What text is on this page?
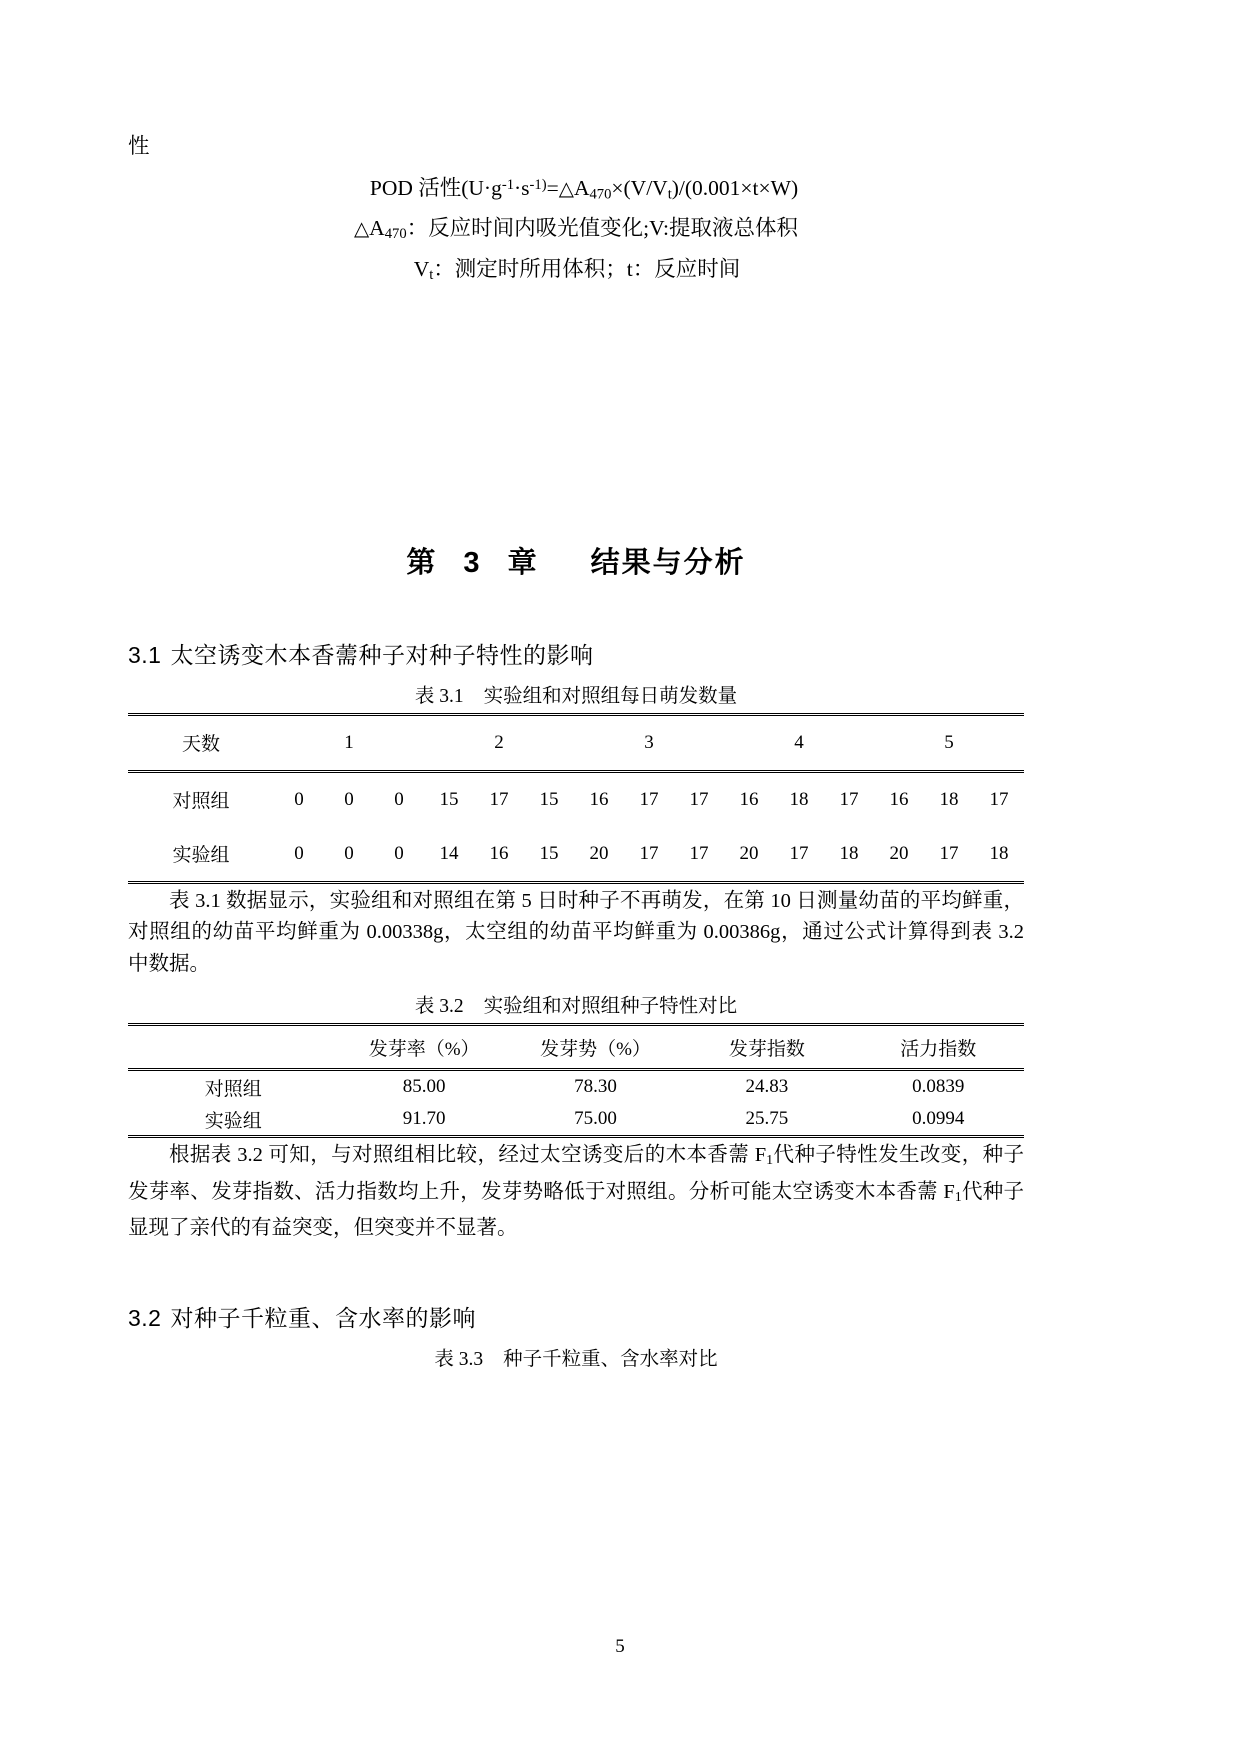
性
POD 活性($U\cdot g^{-1}\cdot s^{-1)}=\triangle A_{470}\times(V/V_t)/(0.001\times t\times W)$
$\triangle A_{470}$：反应时间内吸光值变化;V:提取液总体积
$V_t$：测定时所用体积；t：反应时间
第 3 章 结果与分析
3.1 太空诱变木本香薷种子对种子特性的影响
表 3.1 实验组和对照组每日萌发数量
天数	1	2	3	4	5
对照组	0 0 0	15 17 15	16 17 17	16 18 17	16 18 17

实验组	0 0 0	14 16 15	20 17 17	20 17 18	20 17 18

表 3.1 数据显示，实验组和对照组在第 5 日时种子不再萌发，在第 10 日测量幼苗的平均鲜重，对照组的幼苗平均鲜重为 0.00338g，太空组的幼苗平均鲜重为 0.00386g，通过公式计算得到表 3.2 中数据。

表 3.2 实验组和对照组种子特性对比
	发芽率（%）	发芽势（%）	发芽指数	活力指数
对照组	85.00	78.30	24.83	0.0839
实验组	91.70	75.00	25.75	0.0994

根据表 3.2 可知，与对照组相比较，经过太空诱变后的木本香薷 $F_1$代种子特性发生改变，种子发芽率、发芽指数、活力指数均上升，发芽势略低于对照组。分析可能太空诱变木本香薷 $F_1$代种子显现了亲代的有益突变，但突变并不显著。

3.2 对种子千粒重、含水率的影响
表 3.3 种子千粒重、含水率对比
5
